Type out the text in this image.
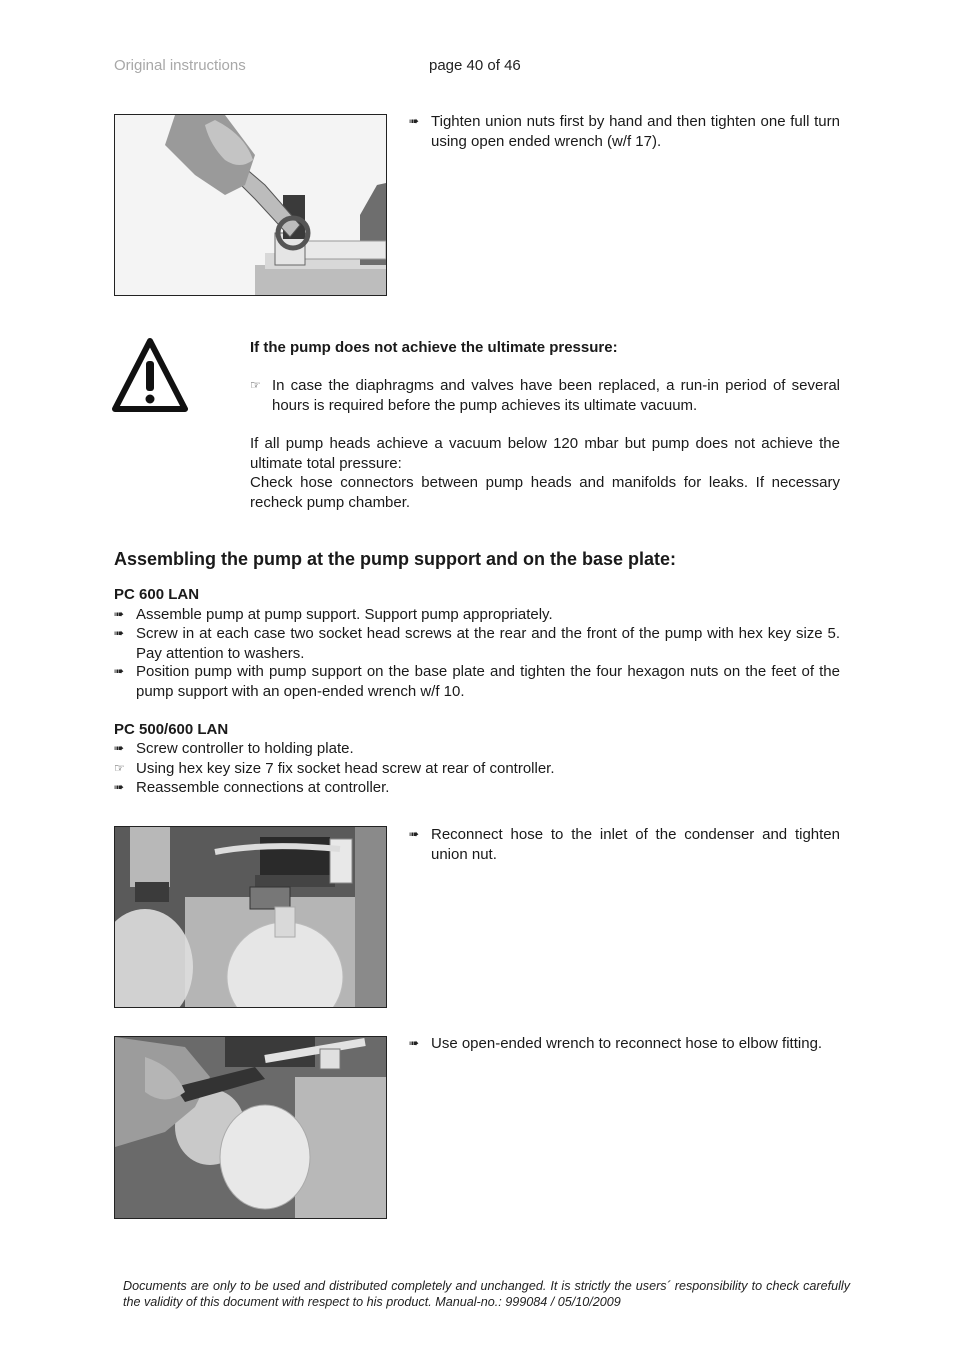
Original instructions	page 40 of 46
➠ Tighten union nuts first by hand and then tighten one full turn using open ended wrench (w/f 17).
If the pump does not achieve the ultimate pressure:
☞ In case the diaphragms and valves have been replaced, a run-in period of several hours is required before the pump achieves its ultimate vacuum.
If all pump heads achieve a vacuum below 120 mbar but pump does not achieve the ultimate total pressure:
Check hose connectors between pump heads and manifolds for leaks. If necessary recheck pump chamber.
Assembling the pump at the pump support and on the base plate:
PC 600 LAN
➠ Assemble pump at pump support. Support pump appropriately.
➠ Screw in at each case two socket head screws at the rear and the front of the pump with hex key size 5. Pay attention to washers.
➠ Position pump with pump support on the base plate and tighten the four hexagon nuts on the feet of the pump support with an open-ended wrench w/f 10.
PC 500/600 LAN
➠ Screw controller to holding plate.
☞ Using hex key size 7 fix socket head screw at rear of controller.
➠ Reassemble connections at controller.
➠ Reconnect hose to the inlet of the condenser and tighten union nut.
➠ Use open-ended wrench to reconnect hose to elbow fitting.
Documents are only to be used and distributed completely and unchanged. It is strictly the users´ responsibility to check carefully the validity of this document with respect to his product. Manual-no.: 999084 / 05/10/2009
